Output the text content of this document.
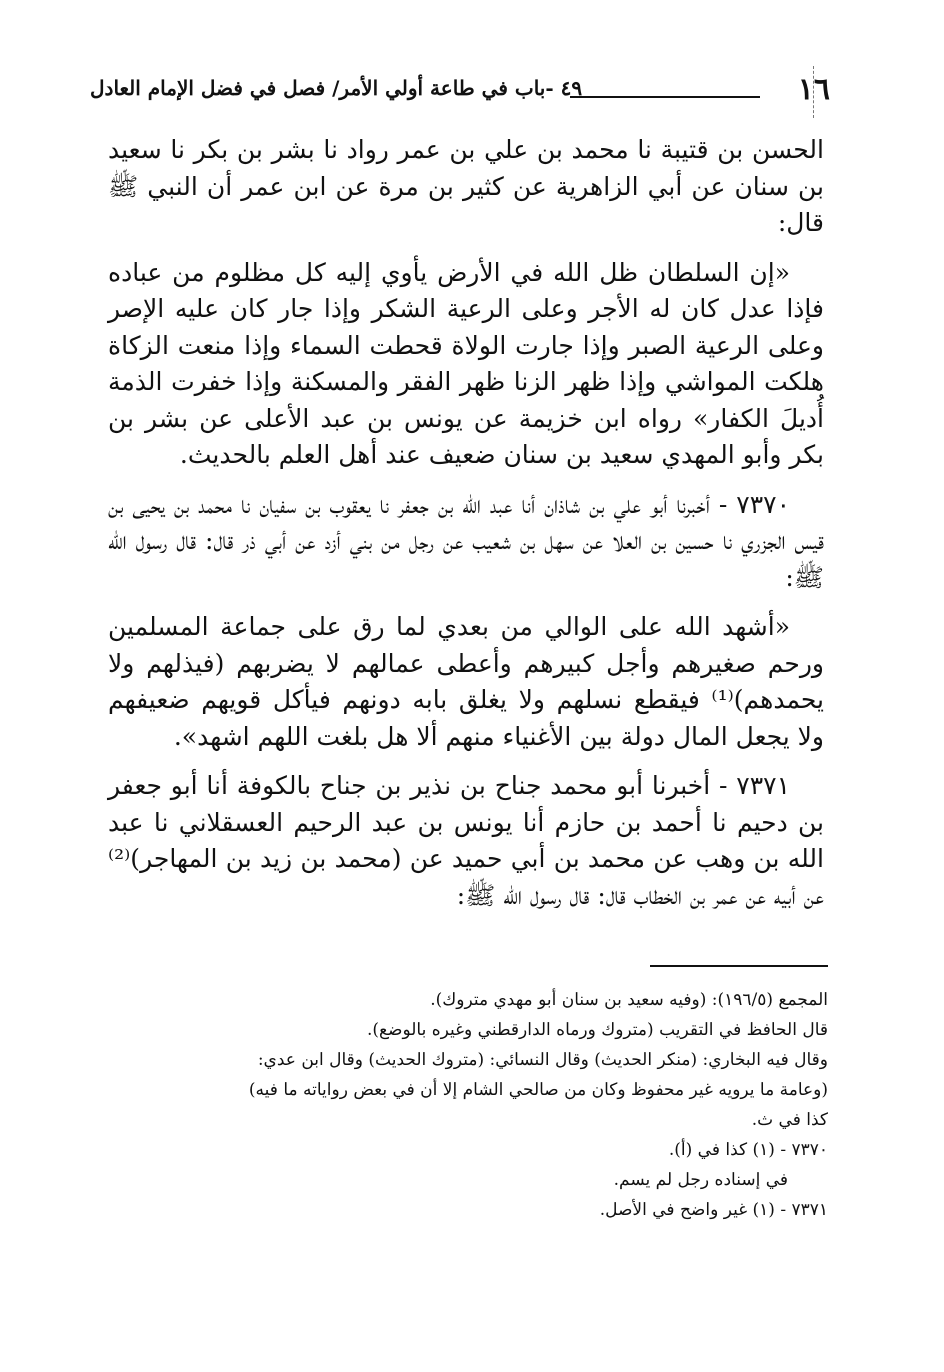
١٦
٤٩ -باب في طاعة أولي الأمر/ فصل في فضل الإمام العادل

الحسن بن قتيبة نا محمد بن علي بن عمر رواد نا بشر بن بكر نا سعيد بن سنان عن أبي الزاهرية عن كثير بن مرة عن ابن عمر أن النبي ﷺ قال:

«إن السلطان ظل الله في الأرض يأوي إليه كل مظلوم من عباده فإذا عدل كان له الأجر وعلى الرعية الشكر وإذا جار كان عليه الإصر وعلى الرعية الصبر وإذا جارت الولاة قحطت السماء وإذا منعت الزكاة هلكت المواشي وإذا ظهر الزنا ظهر الفقر والمسكنة وإذا خفرت الذمة أُديلَ الكفار» رواه ابن خزيمة عن يونس بن عبد الأعلى عن بشر بن بكر وأبو المهدي سعيد بن سنان ضعيف عند أهل العلم بالحديث.

٧٣٧٠ - أخبرنا أبو علي بن شاذان أنا عبد الله بن جعفر نا يعقوب بن سفيان نا محمد بن يحيى بن قيس الجزري نا حسين بن العلا عن سهل بن شعيب عن رجل من بني أزد عن أبي ذر قال: قال رسول الله ﷺ:

«أشهد الله على الوالي من بعدي لما رق على جماعة المسلمين ورحم صغيرهم وأجل كبيرهم وأعطى عمالهم لا يضربهم (فيذلهم ولا يحمدهم)⁽¹⁾ فيقطع نسلهم ولا يغلق بابه دونهم فيأكل قويهم ضعيفهم ولا يجعل المال دولة بين الأغنياء منهم ألا هل بلغت اللهم اشهد».

٧٣٧١ - أخبرنا أبو محمد جناح بن نذير بن جناح بالكوفة أنا أبو جعفر بن دحيم نا أحمد بن حازم أنا يونس بن عبد الرحيم العسقلاني نا عبد الله بن وهب عن محمد بن أبي حميد عن (محمد بن زيد بن المهاجر)⁽²⁾ عن أبيه عن عمر بن الخطاب قال: قال رسول الله ﷺ:

المجمع (١٩٦/٥): (وفيه سعيد بن سنان أبو مهدي متروك).

قال الحافظ في التقريب (متروك ورماه الدارقطني وغيره بالوضع).

وقال فيه البخاري: (منكر الحديث) وقال النسائي: (متروك الحديث) وقال ابن عدي:

(وعامة ما يرويه غير محفوظ وكان من صالحي الشام إلا أن في بعض رواياته ما فيه)

كذا في ث.

٧٣٧٠ - (١) كذا في (أ).

في إسناده رجل لم يسم.

٧٣٧١ - (١) غير واضح في الأصل.
